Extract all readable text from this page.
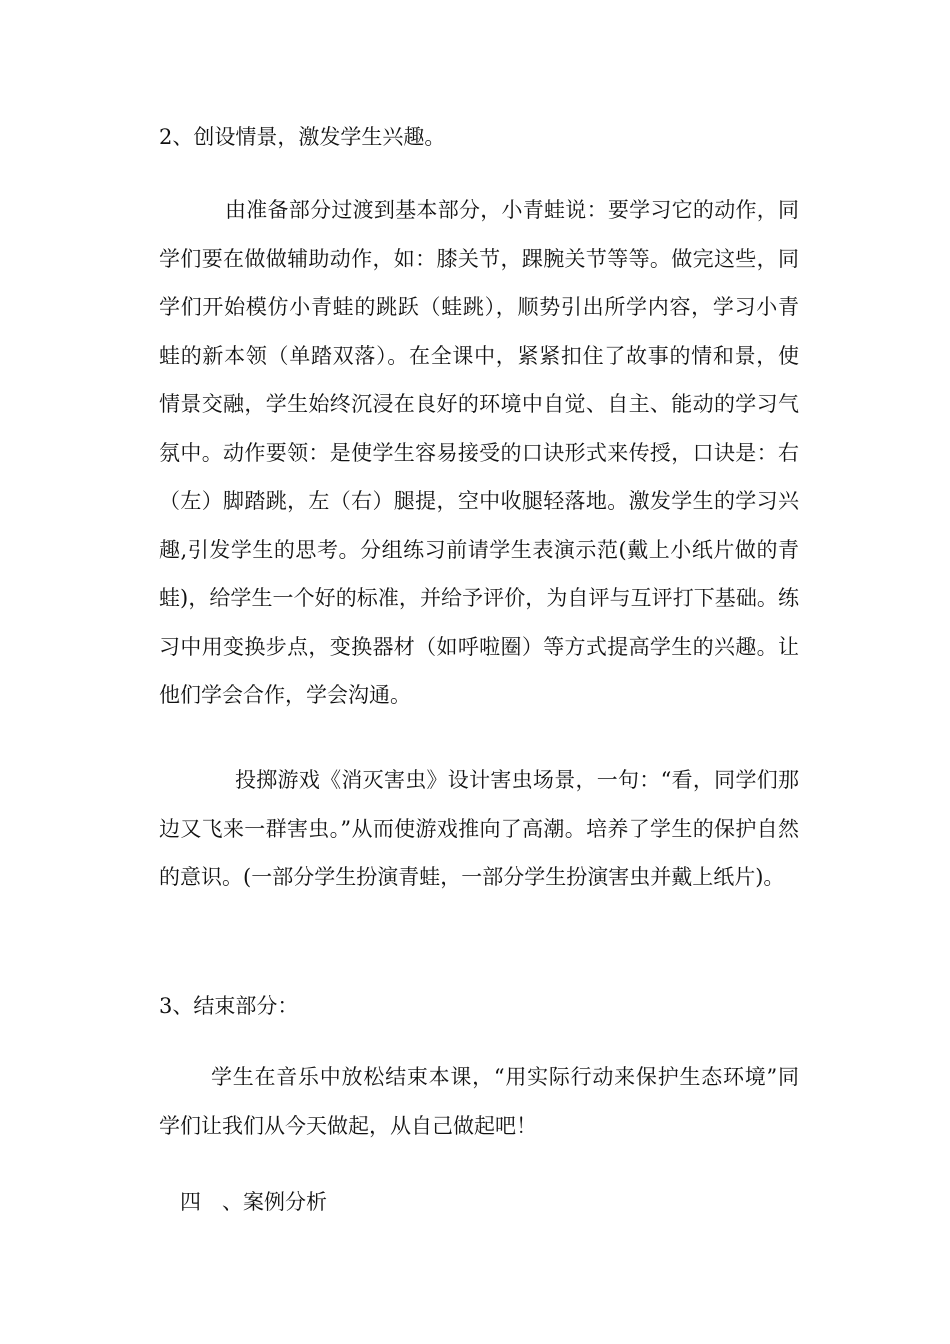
2、创设情景，激发学生兴趣。
由准备部分过渡到基本部分，小青蛙说：要学习它的动作，同学们要在做做辅助动作，如：膝关节，踝腕关节等等。做完这些，同学们开始模仿小青蛙的跳跃（蛙跳），顺势引出所学内容，学习小青蛙的新本领（单踏双落）。在全课中，紧紧扣住了故事的情和景，使情景交融，学生始终沉浸在良好的环境中自觉、自主、能动的学习气氛中。动作要领：是使学生容易接受的口诀形式来传授，口诀是：右（左）脚踏跳，左（右）腿提，空中收腿轻落地。激发学生的学习兴趣,引发学生的思考。分组练习前请学生表演示范(戴上小纸片做的青蛙)，给学生一个好的标准，并给予评价，为自评与互评打下基础。练习中用变换步点，变换器材（如呼啦圈）等方式提高学生的兴趣。让他们学会合作，学会沟通。
投掷游戏《消灭害虫》设计害虫场景，一句：“看，同学们那边又飞来一群害虫。”从而使游戏推向了高潮。培养了学生的保护自然的意识。(一部分学生扮演青蛙，一部分学生扮演害虫并戴上纸片)。
3、结束部分：
学生在音乐中放松结束本课，“用实际行动来保护生态环境”同学们让我们从今天做起，从自己做起吧！
四 、案例分析
